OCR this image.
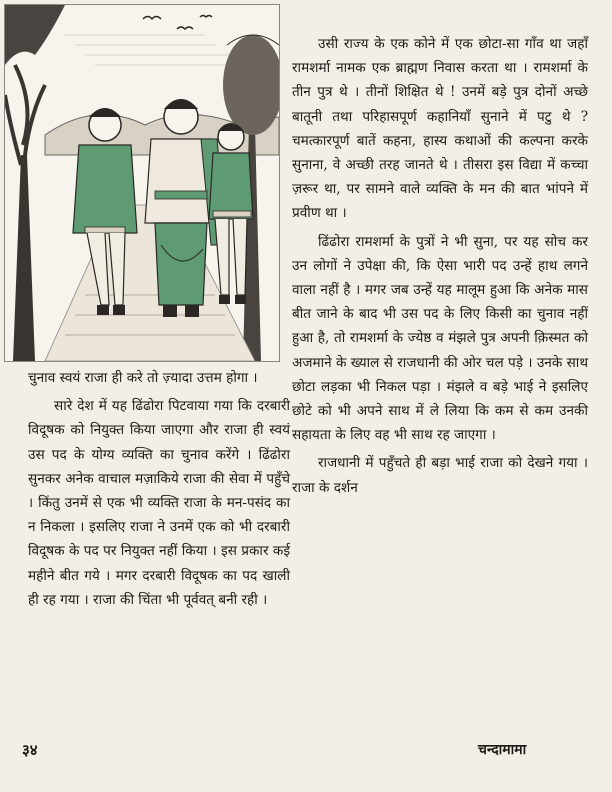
चुनाव स्वयं राजा ही करे तो ज़्यादा उत्तम होगा ।

सारे देश में यह ढिंढोरा पिटवाया गया कि दरबारी विदूषक को नियुक्त किया जाएगा और राजा ही स्वयं उस पद के योग्य व्यक्ति का चुनाव करेंगे । ढिंढोरा सुनकर अनेक वाचाल मज़ाकिये राजा की सेवा में पहुँचे । किंतु उनमें से एक भी व्यक्ति राजा के मन-पसंद का न निकला । इसलिए राजा ने उनमें एक को भी दरबारी विदूषक के पद पर नियुक्त नहीं किया । इस प्रकार कई महीने बीत गये । मगर दरबारी विदूषक का पद खाली ही रह गया । राजा की चिंता भी पूर्ववत् बनी रही ।

उसी राज्य के एक कोने में एक छोटा-सा गाँव था जहाँ रामशर्मा नामक एक ब्राह्मण निवास करता था । रामशर्मा के तीन पुत्र थे । तीनों शिक्षित थे ! उनमें बड़े पुत्र दोनों अच्छे बातूनी तथा परिहासपूर्ण कहानियाँ सुनाने में पटु थे ? चमत्कारपूर्ण बातें कहना, हास्य कथाओं की कल्पना करके सुनाना, वे अच्छी तरह जानते थे । तीसरा इस विद्या में कच्चा ज़रूर था, पर सामने वाले व्यक्ति के मन की बात भांपने में प्रवीण था ।

ढिंढोरा रामशर्मा के पुत्रों ने भी सुना, पर यह सोच कर उन लोगों ने उपेक्षा की, कि ऐसा भारी पद उन्हें हाथ लगने वाला नहीं है । मगर जब उन्हें यह मालूम हुआ कि अनेक मास बीत जाने के बाद भी उस पद के लिए किसी का चुनाव नहीं हुआ है, तो रामशर्मा के ज्येष्ठ व मंझले पुत्र अपनी क़िस्मत को अजमाने के ख्याल से राजधानी की ओर चल पड़े । उनके साथ छोटा लड़का भी निकल पड़ा । मंझले व बड़े भाई ने इसलिए छोटे को भी अपने साथ में ले लिया कि कम से कम उनकी सहायता के लिए वह भी साथ रह जाएगा ।

राजधानी में पहुँचते ही बड़ा भाई राजा को देखने गया । राजा के दर्शन

३४	चन्दामामा
